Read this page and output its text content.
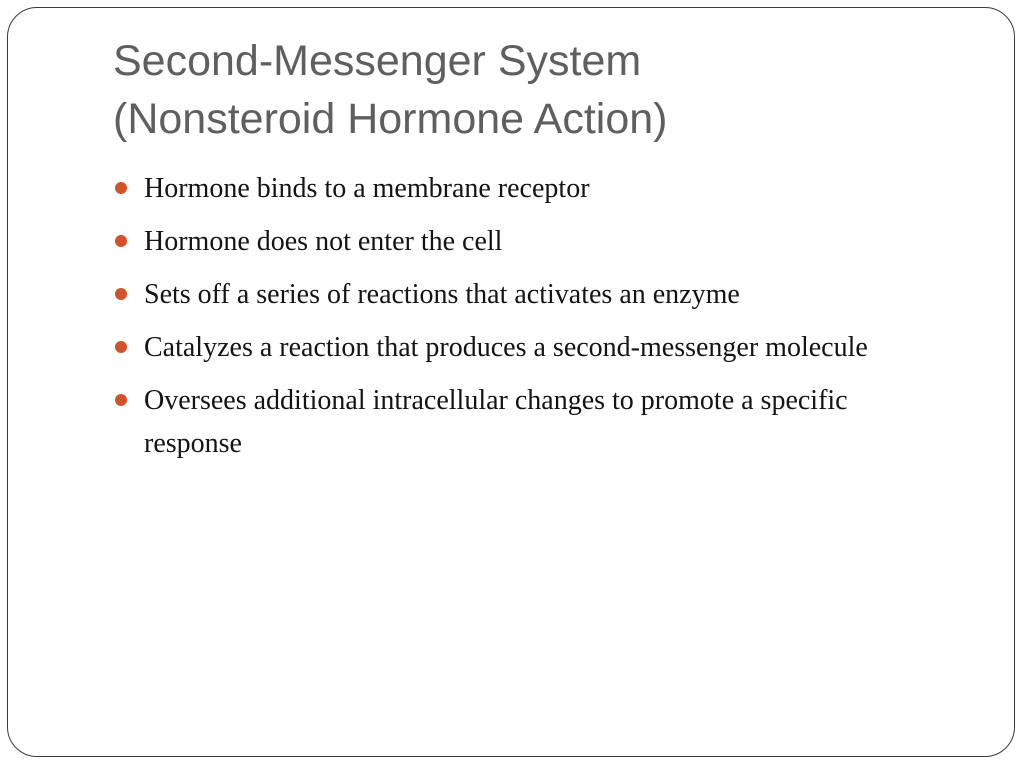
Second-Messenger System
(Nonsteroid Hormone Action)
Hormone binds to a membrane receptor
Hormone does not enter the cell
Sets off a series of reactions that activates an enzyme
Catalyzes a reaction that produces a second-messenger molecule
Oversees additional intracellular changes to promote a specific response
